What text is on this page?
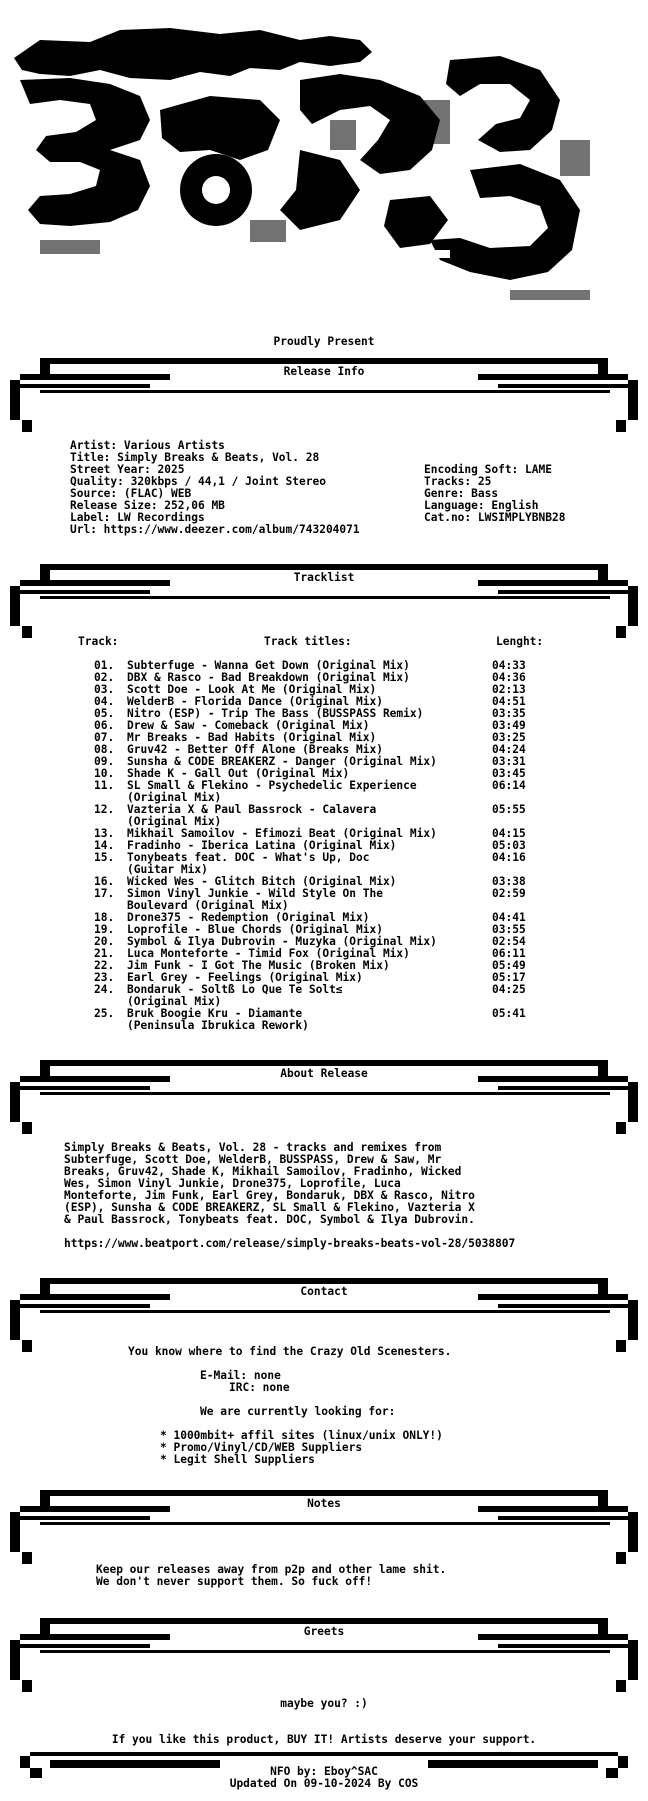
Proudly Present
Release Info
Artist: Various Artists
Title: Simply Breaks & Beats, Vol. 28
Street Year: 2025
Quality: 320kbps / 44,1 / Joint Stereo
Source: (FLAC) WEB
Release Size: 252,06 MB
Label: LW Recordings
Url: https://www.deezer.com/album/743204071
Encoding Soft: LAME
Tracks: 25
Genre: Bass
Language: English
Cat.no: LWSIMPLYBNB28
Tracklist
Track:	Track titles:	Lenght:
01. Subterfuge - Wanna Get Down (Original Mix)	04:33
02. DBX & Rasco - Bad Breakdown (Original Mix)	04:36
03. Scott Doe - Look At Me (Original Mix)	02:13
04. WelderB - Florida Dance (Original Mix)	04:51
05. Nitro (ESP) - Trip The Bass (BUSSPASS Remix)	03:35
06. Drew & Saw - Comeback (Original Mix)	03:49
07. Mr Breaks - Bad Habits (Original Mix)	03:25
08. Gruv42 - Better Off Alone (Breaks Mix)	04:24
09. Sunsha & CODE BREAKERZ - Danger (Original Mix)	03:31
10. Shade K - Gall Out (Original Mix)	03:45
11. SL Small & Flekino - Psychedelic Experience	06:14
(Original Mix)
12. Vazteria X & Paul Bassrock - Calavera	05:55
(Original Mix)
13. Mikhail Samoilov - Efimozi Beat (Original Mix)	04:15
14. Fradinho - Iberica Latina (Original Mix)	05:03
15. Tonybeats feat. DOC - What's Up, Doc	04:16
(Guitar Mix)
16. Wicked Wes - Glitch Bitch (Original Mix)	03:38
17. Simon Vinyl Junkie - Wild Style On The	02:59
Boulevard (Original Mix)
18. Drone375 - Redemption (Original Mix)	04:41
19. Loprofile - Blue Chords (Original Mix)	03:55
20. Symbol & Ilya Dubrovin - Muzyka (Original Mix)	02:54
21. Luca Monteforte - Timid Fox (Original Mix)	06:11
22. Jim Funk - I Got The Music (Broken Mix)	05:49
23. Earl Grey - Feelings (Original Mix)	05:17
24. Bondaruk - Soltß Lo Que Te Solt≤	04:25
(Original Mix)
25. Bruk Boogie Kru - Diamante	05:41
(Peninsula Ibrukica Rework)
About Release
Simply Breaks & Beats, Vol. 28 - tracks and remixes from
Subterfuge, Scott Doe, WelderB, BUSSPASS, Drew & Saw, Mr
Breaks, Gruv42, Shade K, Mikhail Samoilov, Fradinho, Wicked
Wes, Simon Vinyl Junkie, Drone375, Loprofile, Luca
Monteforte, Jim Funk, Earl Grey, Bondaruk, DBX & Rasco, Nitro
(ESP), Sunsha & CODE BREAKERZ, SL Small & Flekino, Vazteria X
& Paul Bassrock, Tonybeats feat. DOC, Symbol & Ilya Dubrovin.
https://www.beatport.com/release/simply-breaks-beats-vol-28/5038807
Contact
You know where to find the Crazy Old Scenesters.
E-Mail: none
IRC: none
We are currently looking for:
* 1000mbit+ affil sites (linux/unix ONLY!)
* Promo/Vinyl/CD/WEB Suppliers
* Legit Shell Suppliers
Notes
Keep our releases away from p2p and other lame shit.
We don't never support them. So fuck off!
Greets
maybe you? :)
If you like this product, BUY IT! Artists deserve your support.
NFO by: Eboy^SAC
Updated On 09-10-2024 By COS
